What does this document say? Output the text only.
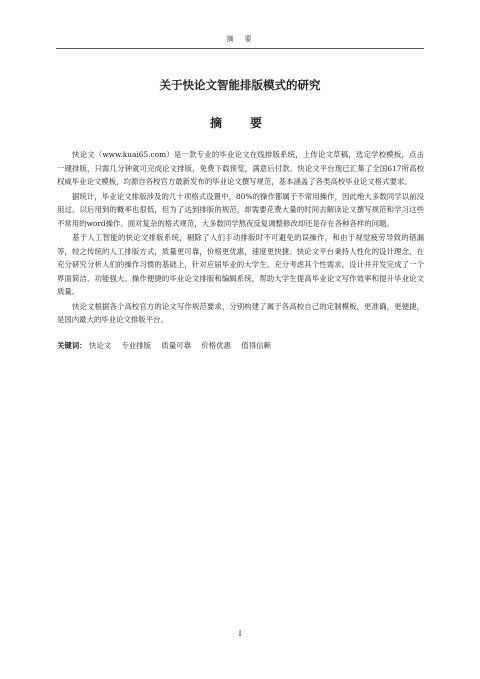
摘　要
关于快论文智能排版模式的研究
摘　要

快论文（www.kuai65.com）是一款专业的毕业论文在线排版系统，上传论文草稿，选定学校模板，点击一键排版，只需几分钟就可完成论文排版，免费下载预览，满意后付款。快论文平台现已汇集了全国617所高校权威毕业论文模板，均源自各校官方最新发布的毕业论文撰写规范，基本涵盖了各类高校毕业论文格式要求。

据统计，毕业论文排版涉及的几十项格式设置中，80%的操作都属于不常用操作，因此绝大多数同学以前没用过，以后用到的概率也很低，但为了达到排版的规范，却需要花费大量的时间去解读论文撰写规范和学习这些不常用的word操作。面对复杂的格式规范，大多数同学熬夜反复调整修改却还是存在各种各样的问题。

基于人工智能的快论文排版系统，剔除了人们手动排版时不可避免的误操作，和由于视觉疲劳导致的错漏等，较之传统的人工排版方式，质量更可靠，价格更优惠，速度更快捷。快论文平台秉持人性化的设计理念，在充分研究分析人们的操作习惯的基础上，针对应届毕业的大学生，充分考虑其个性需求，设计并开发完成了一个界面简洁、功能强大、操作便捷的毕业论文排版和编辑系统，帮助大学生提高毕业论文写作效率和提升毕业论文质量。

快论文根据各个高校官方的论文写作规范要求，分别构建了属于各高校自己的定制模板，更准确，更便捷，是国内最大的毕业论文排版平台。

关键词： 快论文 专业排版 质量可靠 价格优惠 值得信赖
I
